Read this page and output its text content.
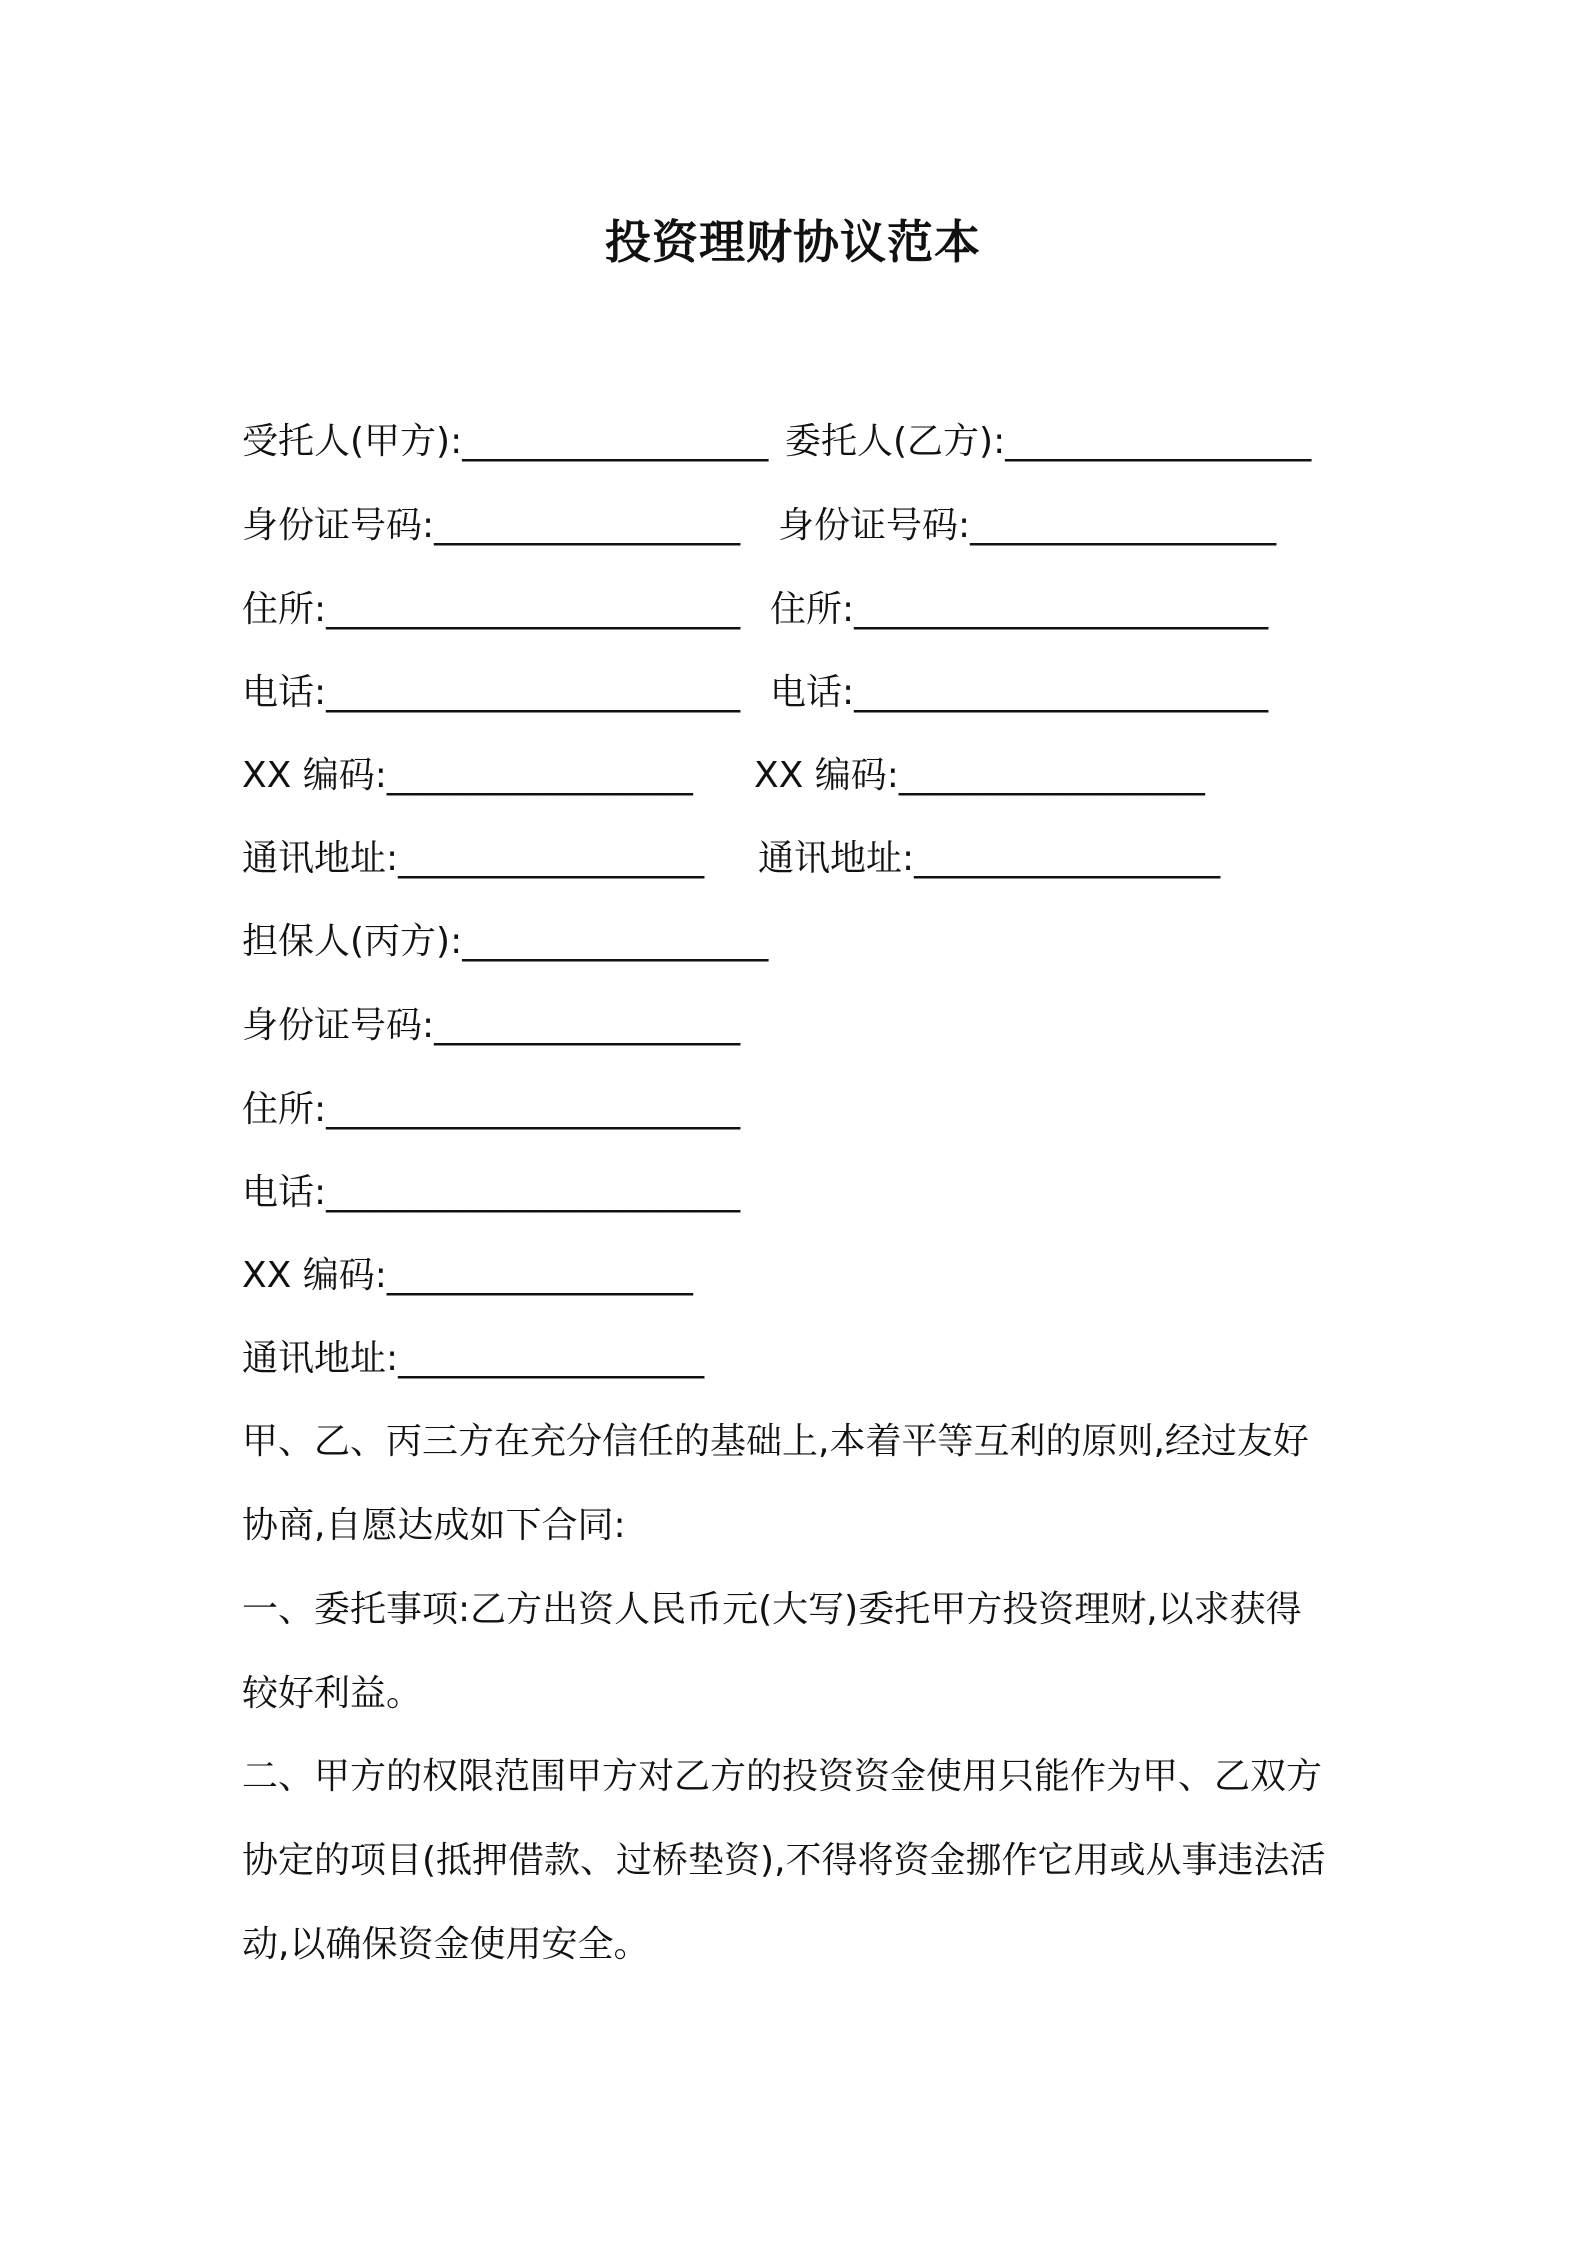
投资理财协议范本
受托人(甲方):_________________ 委托人(乙方):_________________
身份证号码:_________________ 身份证号码:_________________
住所:_______________________ 住所:_______________________
电话:_______________________ 电话:_______________________
XX 编码:_________________ XX 编码:_________________
通讯地址:_________________ 通讯地址:_________________
担保人(丙方):_________________
身份证号码:_________________
住所:_______________________
电话:_______________________
XX 编码:_________________
通讯地址:_________________
甲、乙、丙三方在充分信任的基础上,本着平等互利的原则,经过友好
协商,自愿达成如下合同:
一、委托事项:乙方出资人民币元(大写)委托甲方投资理财,以求获得
较好利益。
二、甲方的权限范围甲方对乙方的投资资金使用只能作为甲、乙双方
协定的项目(抵押借款、过桥垫资),不得将资金挪作它用或从事违法活
动,以确保资金使用安全。
